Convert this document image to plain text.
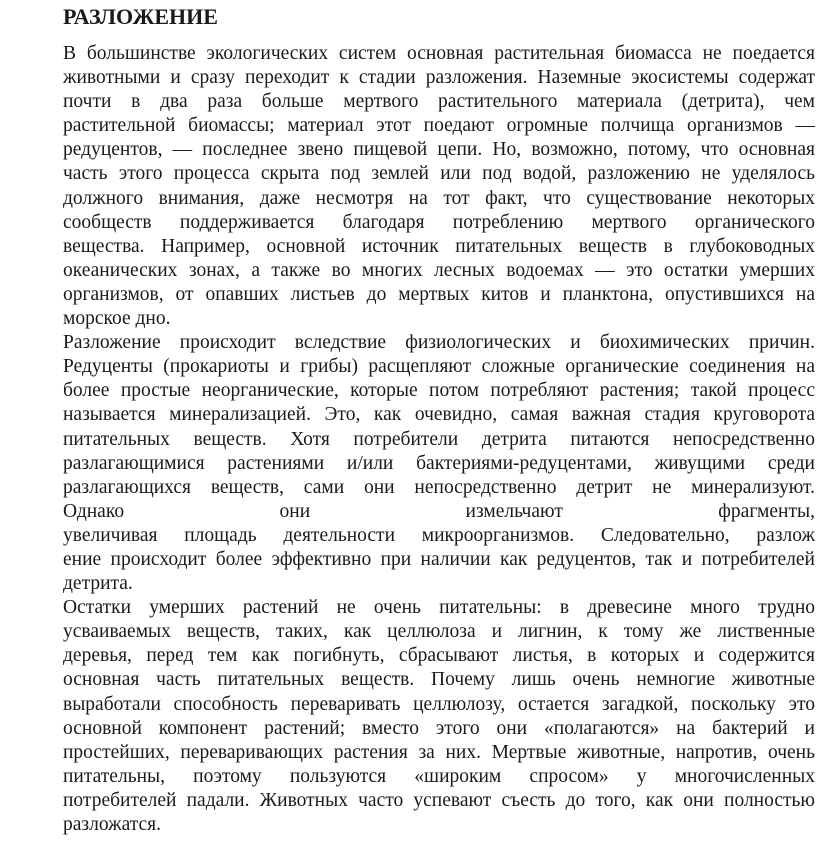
РАЗЛОЖЕНИЕ
В большинстве экологических систем основная растительная биомасса не поедается
животными и сразу переходит к стадии разложения. Наземные экосистемы содержат
почти в два раза больше мертвого растительного материала (детрита), чем
растительной биомассы; материал этот поедают огромные полчища организмов —
редуцентов, — последнее звено пищевой цепи. Но, возможно, потому, что основная
часть этого процесса скрыта под землей или под водой, разложению не уделялось
должного внимания, даже несмотря на тот факт, что существование некоторых
сообществ поддерживается благодаря потреблению мертвого органического
вещества. Например, основной источник питательных веществ в глубоководных
океанических зонах, а также во многих лесных водоемах — это остатки умерших
организмов, от опавших листьев до мертвых китов и планктона, опустившихся на
морское дно.
Разложение происходит вследствие физиологических и биохимических причин.
Редуценты (прокариоты и грибы) расщепляют сложные органические соединения на
более простые неорганические, которые потом потребляют растения; такой процесс
называется минерализацией. Это, как очевидно, самая важная стадия круговорота
питательных веществ. Хотя потребители детрита питаются непосредственно
разлагающимися растениями и/или бактериями-редуцентами, живущими среди
разлагающихся веществ, сами они непосредственно детрит не минерализуют.
Однако они измельчают фрагменты,
увеличивая площадь деятельности микроорганизмов. Следовательно, разлож
ение происходит более эффективно при наличии как редуцентов, так и потребителей
детрита.
Остатки умерших растений не очень питательны: в древесине много трудно
усваиваемых веществ, таких, как целлюлоза и лигнин, к тому же лиственные
деревья, перед тем как погибнуть, сбрасывают листья, в которых и содержится
основная часть питательных веществ. Почему лишь очень немногие животные
выработали способность переваривать целлюлозу, остается загадкой, поскольку это
основной компонент растений; вместо этого они «полагаются» на бактерий и
простейших, переваривающих растения за них. Мертвые животные, напротив, очень
питательны, поэтому пользуются «широким спросом» у многочисленных
потребителей падали. Животных часто успевают съесть до того, как они полностью
разложатся.
